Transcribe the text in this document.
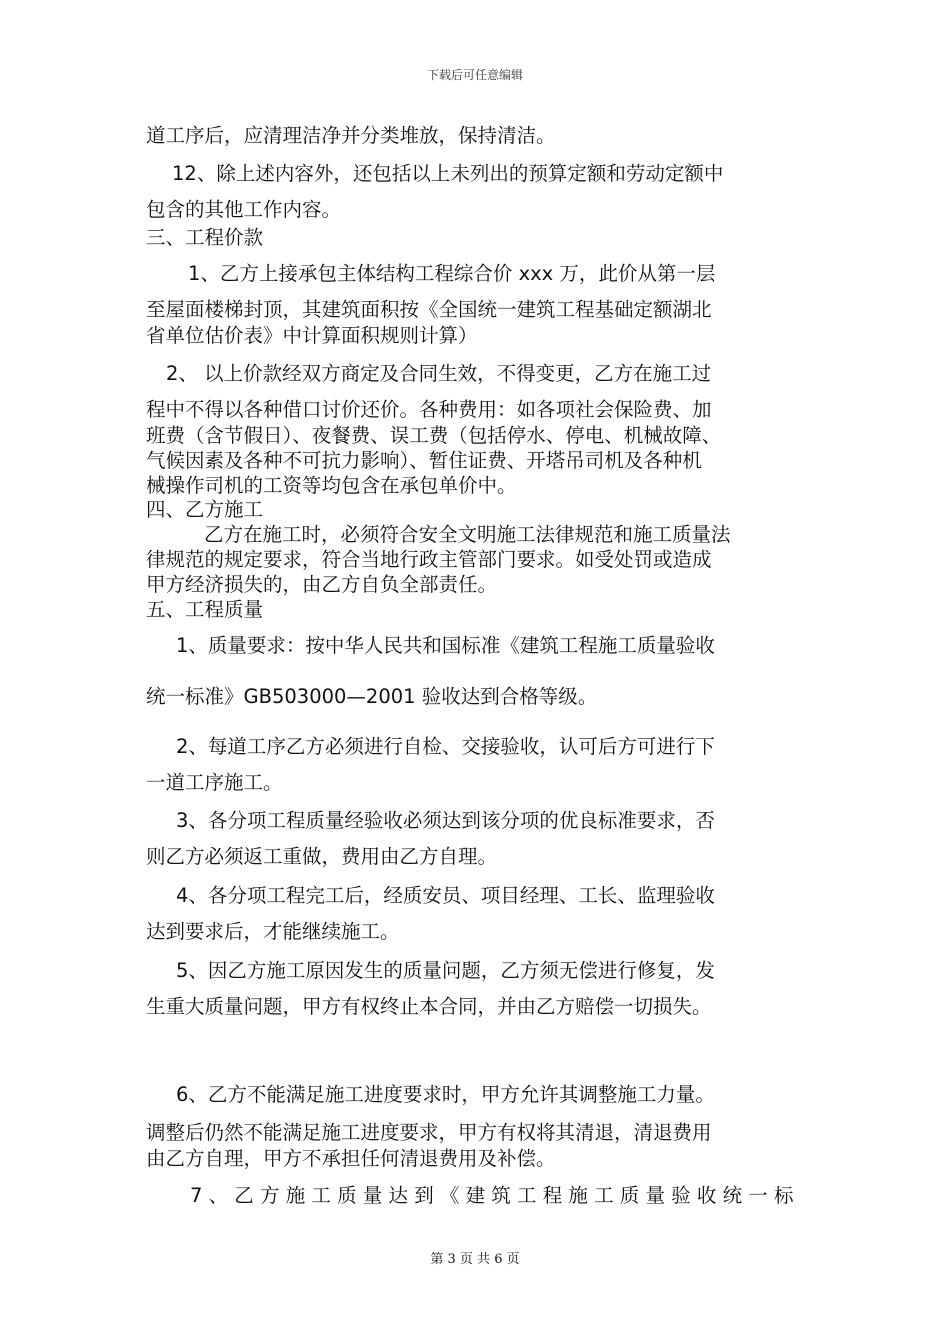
下载后可任意编辑
道工序后，应清理洁净并分类堆放，保持清洁。
12、除上述内容外，还包括以上未列出的预算定额和劳动定额中
包含的其他工作内容。
三、工程价款
1、乙方上接承包主体结构工程综合价 xxx 万，此价从第一层
至屋面楼梯封顶，其建筑面积按《全国统一建筑工程基础定额湖北
省单位估价表》中计算面积规则计算）
2、 以上价款经双方商定及合同生效，不得变更，乙方在施工过
程中不得以各种借口讨价还价。各种费用：如各项社会保险费、加
班费（含节假日）、夜餐费、误工费（包括停水、停电、机械故障、
气候因素及各种不可抗力影响）、暂住证费、开塔吊司机及各种机
械操作司机的工资等均包含在承包单价中。
四、乙方施工
乙方在施工时，必须符合安全文明施工法律规范和施工质量法
律规范的规定要求，符合当地行政主管部门要求。如受处罚或造成
甲方经济损失的，由乙方自负全部责任。
五、工程质量
1、质量要求：按中华人民共和国标准《建筑工程施工质量验收
统一标准》GB503000—2001 验收达到合格等级。
2、每道工序乙方必须进行自检、交接验收，认可后方可进行下
一道工序施工。
3、各分项工程质量经验收必须达到该分项的优良标准要求，否
则乙方必须返工重做，费用由乙方自理。
4、各分项工程完工后，经质安员、项目经理、工长、监理验收
达到要求后，才能继续施工。
5、因乙方施工原因发生的质量问题，乙方须无偿进行修复，发
生重大质量问题，甲方有权终止本合同，并由乙方赔偿一切损失。
6、乙方不能满足施工进度要求时，甲方允许其调整施工力量。
调整后仍然不能满足施工进度要求，甲方有权将其清退，清退费用
由乙方自理，甲方不承担任何清退费用及补偿。
7、乙方施工质量达到《建筑工程施工质量验收统一标
第 3 页 共 6 页
